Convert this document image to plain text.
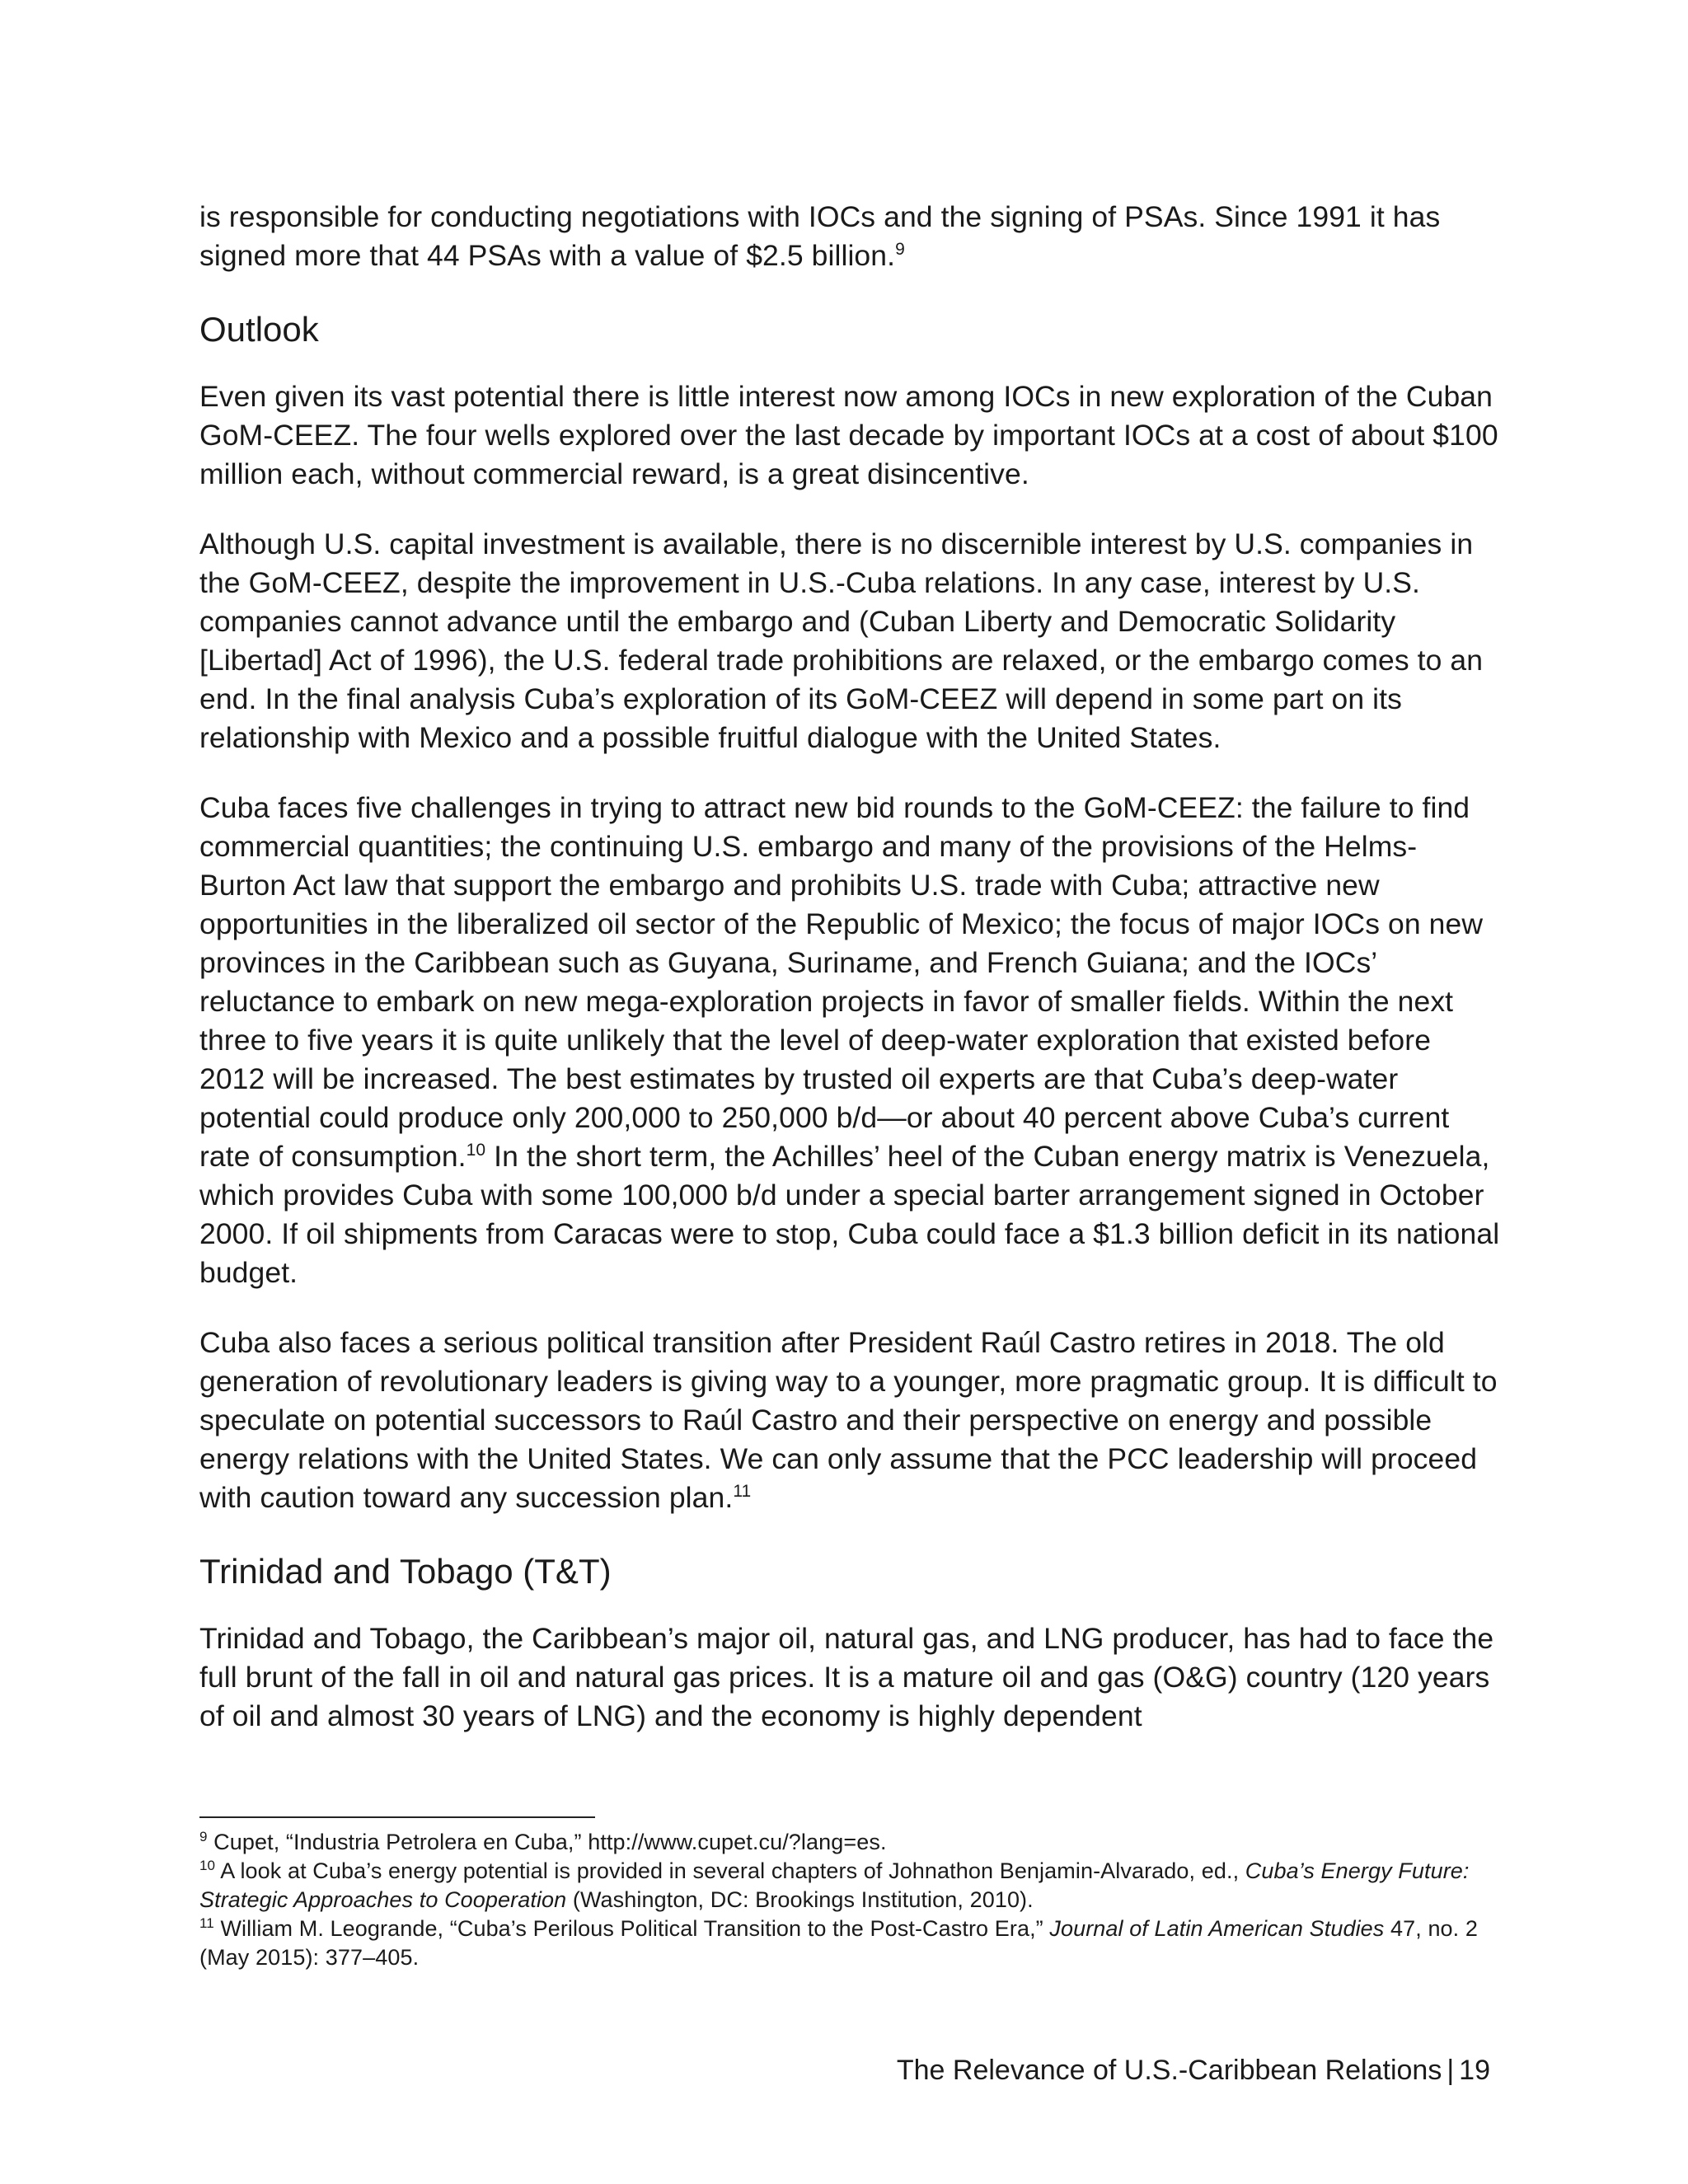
is responsible for conducting negotiations with IOCs and the signing of PSAs. Since 1991 it has signed more that 44 PSAs with a value of $2.5 billion.$^9$

Outlook

Even given its vast potential there is little interest now among IOCs in new exploration of the Cuban GoM-CEEZ. The four wells explored over the last decade by important IOCs at a cost of about $100 million each, without commercial reward, is a great disincentive.

Although U.S. capital investment is available, there is no discernible interest by U.S. companies in the GoM-CEEZ, despite the improvement in U.S.-Cuba relations. In any case, interest by U.S. companies cannot advance until the embargo and (Cuban Liberty and Democratic Solidarity [Libertad] Act of 1996), the U.S. federal trade prohibitions are relaxed, or the embargo comes to an end. In the final analysis Cuba’s exploration of its GoM-CEEZ will depend in some part on its relationship with Mexico and a possible fruitful dialogue with the United States.

Cuba faces five challenges in trying to attract new bid rounds to the GoM-CEEZ: the failure to find commercial quantities; the continuing U.S. embargo and many of the provisions of the Helms-Burton Act law that support the embargo and prohibits U.S. trade with Cuba; attractive new opportunities in the liberalized oil sector of the Republic of Mexico; the focus of major IOCs on new provinces in the Caribbean such as Guyana, Suriname, and French Guiana; and the IOCs’ reluctance to embark on new mega-exploration projects in favor of smaller fields. Within the next three to five years it is quite unlikely that the level of deep-water exploration that existed before 2012 will be increased. The best estimates by trusted oil experts are that Cuba’s deep-water potential could produce only 200,000 to 250,000 b/d—or about 40 percent above Cuba’s current rate of consumption.$^{10}$ In the short term, the Achilles’ heel of the Cuban energy matrix is Venezuela, which provides Cuba with some 100,000 b/d under a special barter arrangement signed in October 2000. If oil shipments from Caracas were to stop, Cuba could face a $1.3 billion deficit in its national budget.

Cuba also faces a serious political transition after President Raúl Castro retires in 2018. The old generation of revolutionary leaders is giving way to a younger, more pragmatic group. It is difficult to speculate on potential successors to Raúl Castro and their perspective on energy and possible energy relations with the United States. We can only assume that the PCC leadership will proceed with caution toward any succession plan.$^{11}$

Trinidad and Tobago (T&T)

Trinidad and Tobago, the Caribbean’s major oil, natural gas, and LNG producer, has had to face the full brunt of the fall in oil and natural gas prices. It is a mature oil and gas (O&G) country (120 years of oil and almost 30 years of LNG) and the economy is highly dependent

$^9$ Cupet, “Industria Petrolera en Cuba,” http://www.cupet.cu/?lang=es.

$^{10}$ A look at Cuba’s energy potential is provided in several chapters of Johnathon Benjamin-Alvarado, ed., Cuba’s Energy Future: Strategic Approaches to Cooperation (Washington, DC: Brookings Institution, 2010).

$^{11}$ William M. Leogrande, “Cuba’s Perilous Political Transition to the Post-Castro Era,” Journal of Latin American Studies 47, no. 2 (May 2015): 377–405.

The Relevance of U.S.-Caribbean Relations | 19
